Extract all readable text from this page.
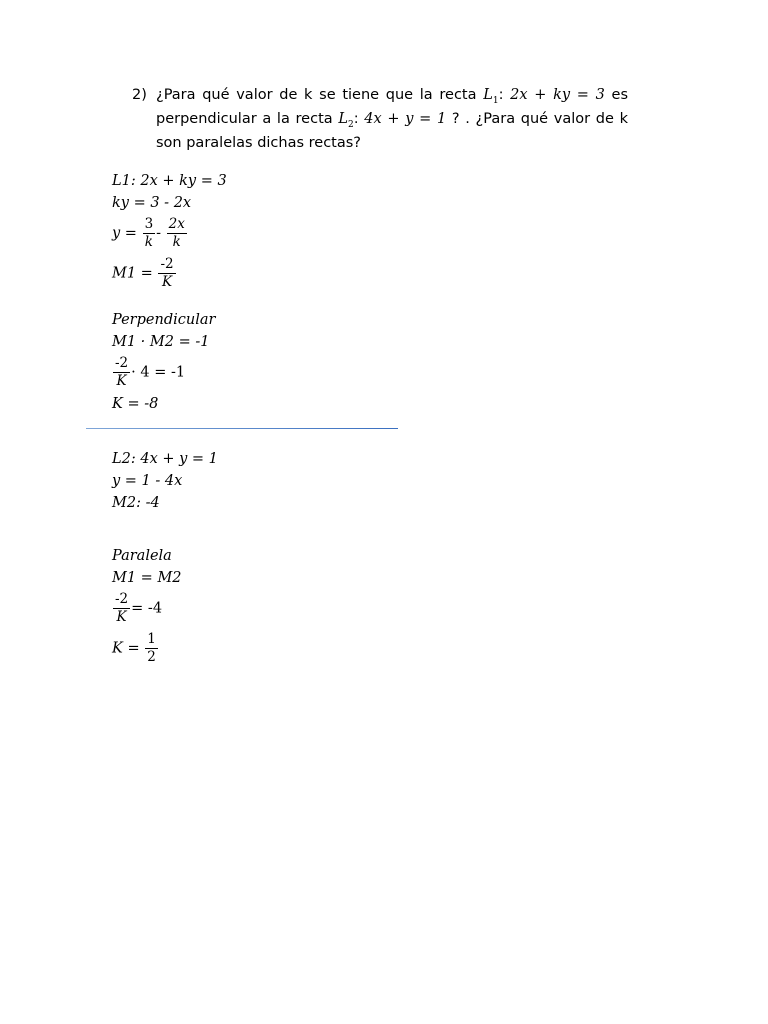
2) ¿Para qué valor de k se tiene que la recta $L_1$: 2x + ky = 3 es perpendicular a la recta $L_2$: 4x + y = 1 ? . ¿Para qué valor de k son paralelas dichas rectas?
L1: 2x + ky = 3
ky = 3 - 2x
$y = \frac{3}{k} - \frac{2x}{k}$
$M1 = \frac{-2}{K}$
Perpendicular
M1 · M2 = -1
$\frac{-2}{K} \cdot 4 = -1$
K = -8
L2: 4x + y = 1
y = 1 - 4x
M2: -4
Paralela
M1 = M2
$\frac{-2}{K} = -4$
$K = \frac{1}{2}$
